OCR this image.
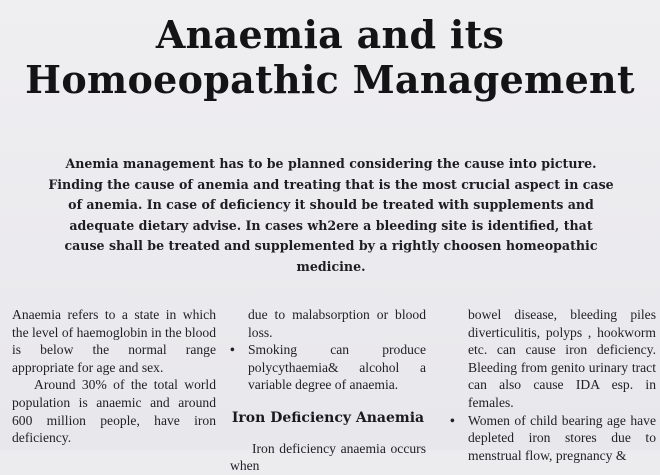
Anaemia and its
Homoeopathic Management

Anemia management has to be planned considering the cause into picture. Finding the cause of anemia and treating that is the most crucial aspect in case of anemia. In case of deficiency it should be treated with supplements and adequate dietary advise. In cases wh2ere a bleeding site is identified, that cause shall be treated and supplemented by a rightly choosen homeopathic medicine.

Anaemia refers to a state in which the level of haemoglobin in the blood is below the normal range appropriate for age and sex.

Around 30% of the total world population is anaemic and around 600 million people, have iron deficiency.

due to malabsorption or blood loss.

• Smoking can produce polycythaemia& alcohol a variable degree of anaemia.

Iron Deficiency Anaemia

Iron deficiency anaemia occurs when

bowel disease, bleeding piles diverticulitis, polyps , hookworm etc. can cause iron deficiency. Bleeding from genito urinary tract can also cause IDA esp. in females.

• Women of child bearing age have depleted iron stores due to menstrual flow, pregnancy &
